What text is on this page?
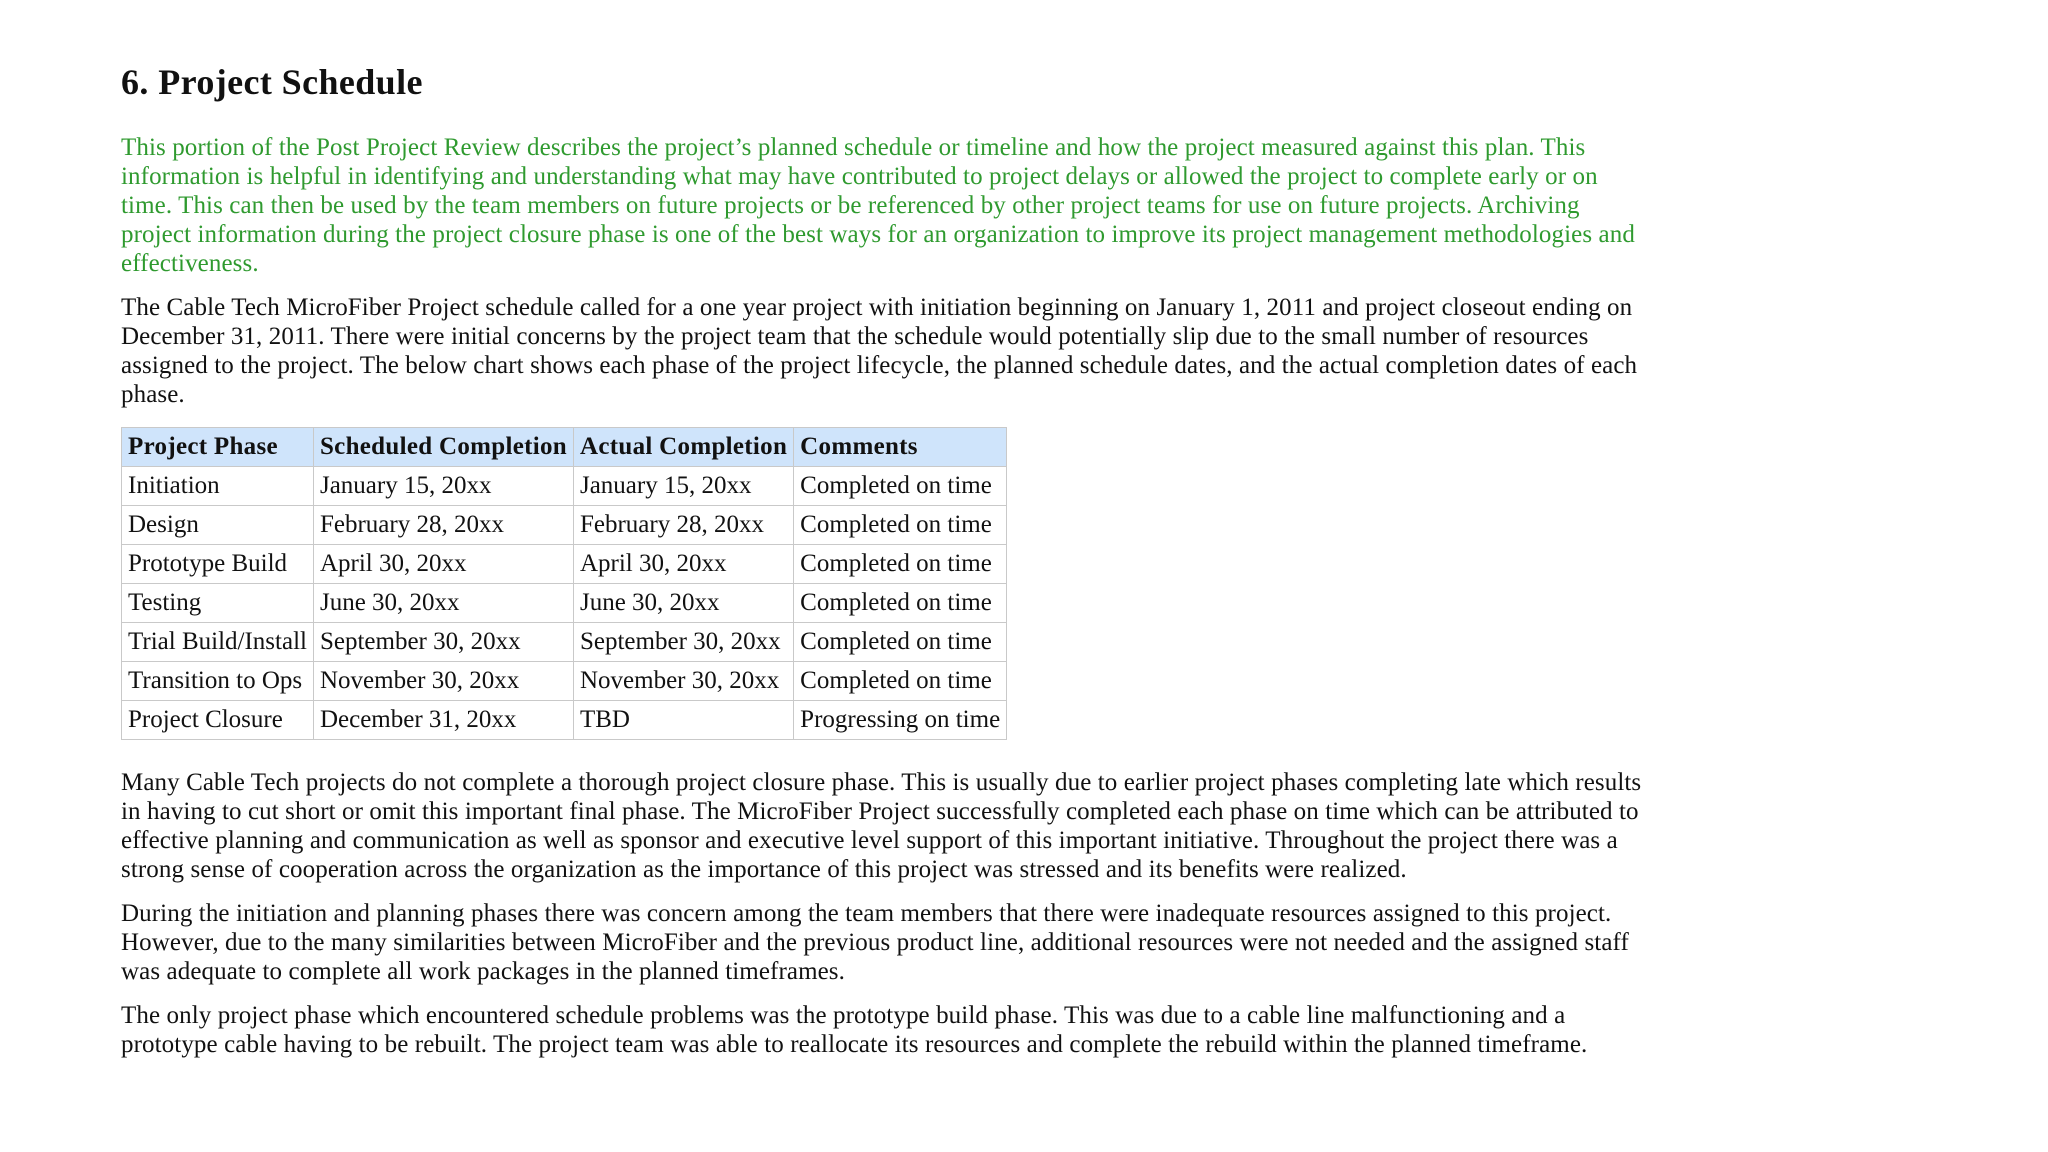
6. Project Schedule

This portion of the Post Project Review describes the project’s planned schedule or timeline and how the project measured against this plan. This
information is helpful in identifying and understanding what may have contributed to project delays or allowed the project to complete early or on
time. This can then be used by the team members on future projects or be referenced by other project teams for use on future projects. Archiving
project information during the project closure phase is one of the best ways for an organization to improve its project management methodologies and
effectiveness.

The Cable Tech MicroFiber Project schedule called for a one year project with initiation beginning on January 1, 2011 and project closeout ending on
December 31, 2011. There were initial concerns by the project team that the schedule would potentially slip due to the small number of resources
assigned to the project. The below chart shows each phase of the project lifecycle, the planned schedule dates, and the actual completion dates of each
phase.

Project Phase	Scheduled Completion	Actual Completion	Comments
Initiation	January 15, 20xx	January 15, 20xx	Completed on time
Design	February 28, 20xx	February 28, 20xx	Completed on time
Prototype Build	April 30, 20xx	April 30, 20xx	Completed on time
Testing	June 30, 20xx	June 30, 20xx	Completed on time
Trial Build/Install	September 30, 20xx	September 30, 20xx	Completed on time
Transition to Ops	November 30, 20xx	November 30, 20xx	Completed on time
Project Closure	December 31, 20xx	TBD	Progressing on time

Many Cable Tech projects do not complete a thorough project closure phase. This is usually due to earlier project phases completing late which results
in having to cut short or omit this important final phase. The MicroFiber Project successfully completed each phase on time which can be attributed to
effective planning and communication as well as sponsor and executive level support of this important initiative. Throughout the project there was a
strong sense of cooperation across the organization as the importance of this project was stressed and its benefits were realized.

During the initiation and planning phases there was concern among the team members that there were inadequate resources assigned to this project.
However, due to the many similarities between MicroFiber and the previous product line, additional resources were not needed and the assigned staff
was adequate to complete all work packages in the planned timeframes.

The only project phase which encountered schedule problems was the prototype build phase. This was due to a cable line malfunctioning and a
prototype cable having to be rebuilt. The project team was able to reallocate its resources and complete the rebuild within the planned timeframe.
